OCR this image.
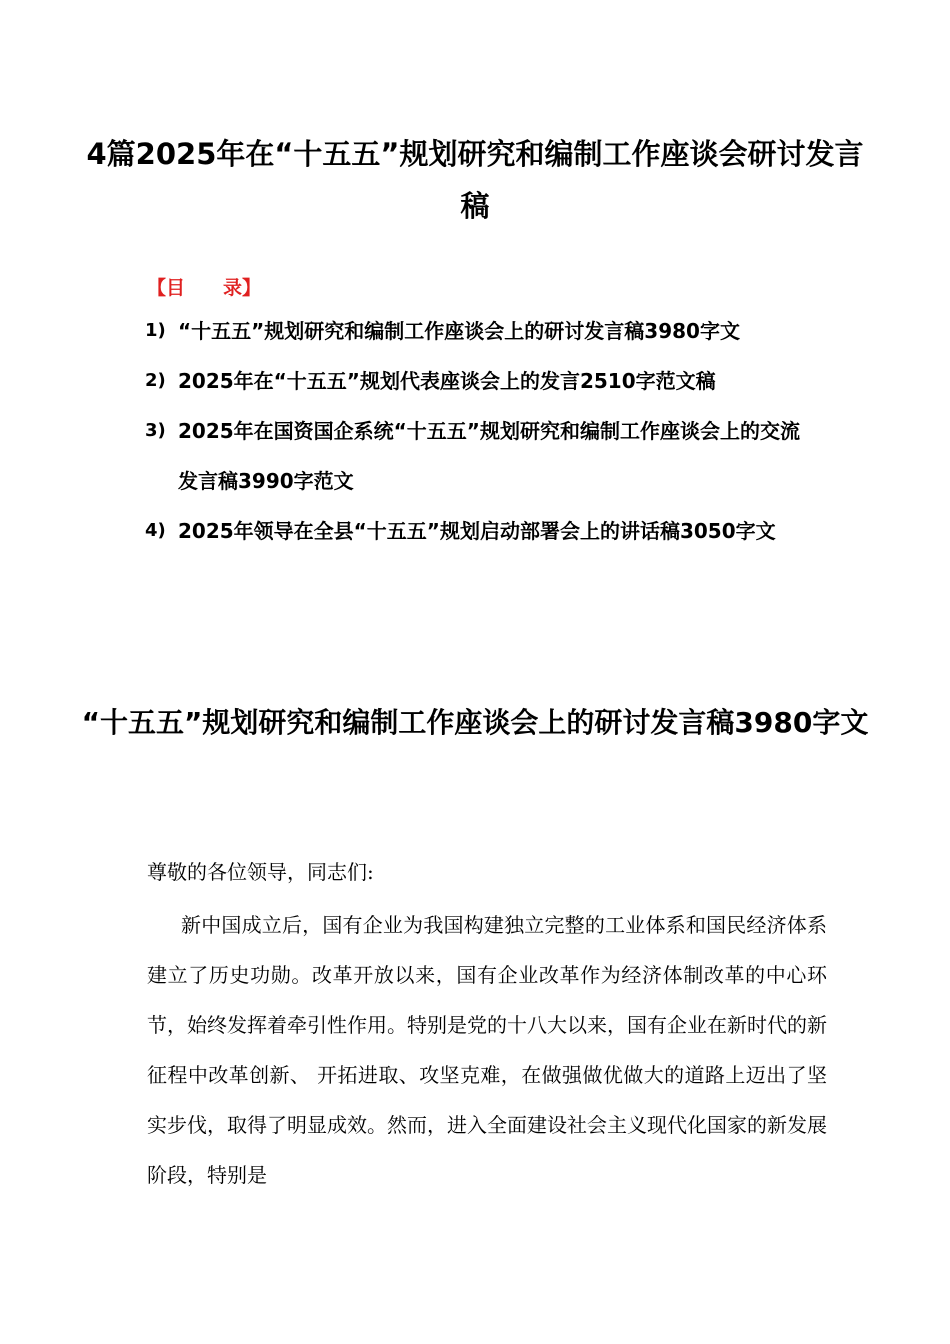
4篇2025年在“十五五”规划研究和编制工作座谈会研讨发言稿
【目　　录】
1) “十五五”规划研究和编制工作座谈会上的研讨发言稿3980字文
2) 2025年在“十五五”规划代表座谈会上的发言2510字范文稿
3) 2025年在国资国企系统“十五五”规划研究和编制工作座谈会上的交流发言稿3990字范文
4) 2025年领导在全县“十五五”规划启动部署会上的讲话稿3050字文
“十五五”规划研究和编制工作座谈会上的研讨发言稿3980字文

尊敬的各位领导，同志们:

新中国成立后，国有企业为我国构建独立完整的工业体系和国民经济体系建立了历史功勋。改革开放以来，国有企业改革作为经济体制改革的中心环节，始终发挥着牵引性作用。特别是党的十八大以来，国有企业在新时代的新征程中改革创新、 开拓进取、攻坚克难，在做强做优做大的道路上迈出了坚实步伐，取得了明显成效。然而，进入全面建设社会主义现代化国家的新发展阶段，特别是
